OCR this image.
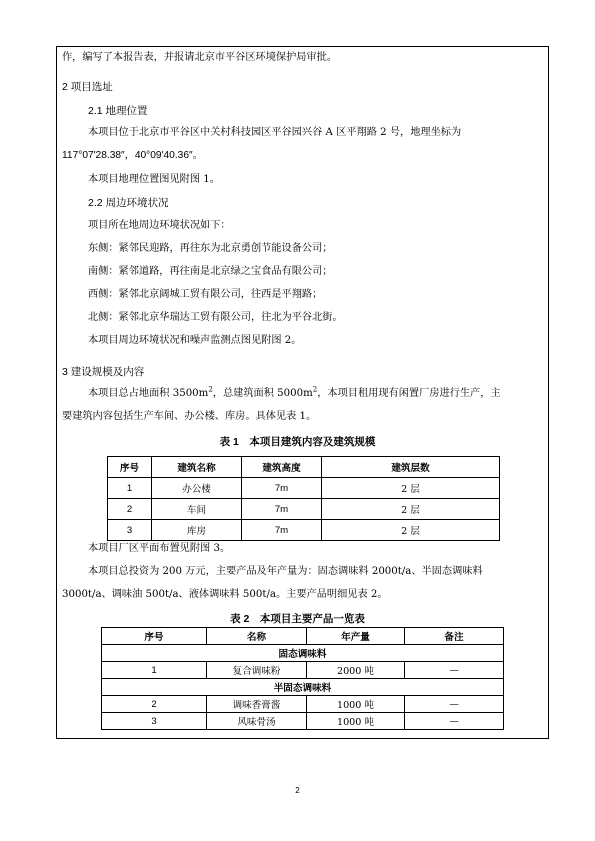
作，编写了本报告表，并报请北京市平谷区环境保护局审批。
2 项目选址
2.1 地理位置
本项目位于北京市平谷区中关村科技园区平谷园兴谷 A 区平翔路 2 号，地理坐标为
117°07′28.38″，40°09′40.36″。
本项目地理位置图见附图 1。
2.2 周边环境状况
项目所在地周边环境状况如下：
东侧：紧邻民迎路，再往东为北京勇创节能设备公司；
南侧：紧邻道路，再往南是北京绿之宝食品有限公司；
西侧：紧邻北京阔城工贸有限公司，往西是平翔路；
北侧：紧邻北京华瑞达工贸有限公司，往北为平谷北街。
本项目周边环境状况和噪声监测点图见附图 2。
3 建设规模及内容
本项目总占地面积 $3500m^2$，总建筑面积 $5000m^2$，本项目租用现有闲置厂房进行生产，主
要建筑内容包括生产车间、办公楼、库房。具体见表 1。
表 1　本项目建筑内容及建筑规模
序号	建筑名称	建筑高度	建筑层数
1	办公楼	7m	2 层
2	车间	7m	2 层
3	库房	7m	2 层
本项目厂区平面布置见附图 3。
本项目总投资为 200 万元，主要产品及年产量为：固态调味料 2000t/a、半固态调味料
3000t/a、调味油 500t/a、液体调味料 500t/a。主要产品明细见表 2。
表 2　本项目主要产品一览表
序号	名称	年产量	备注
固态调味料			
1	复合调味粉	2000 吨	—
半固态调味料			
2	调味香膏酱	1000 吨	—
3	风味骨汤	1000 吨	—
2
